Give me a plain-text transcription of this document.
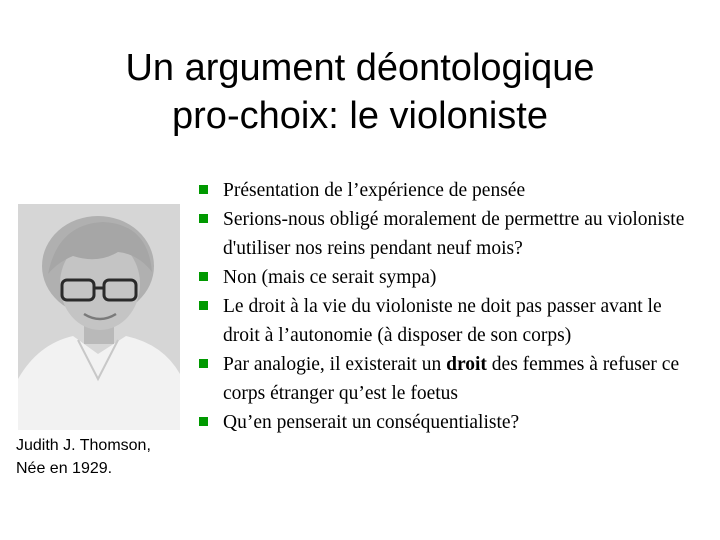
Un argument déontologique
pro-choix: le violoniste
Judith J. Thomson,
Née en 1929.
Présentation de l’expérience de pensée
Serions-nous obligé moralement de permettre au violoniste d'utiliser nos reins pendant neuf mois?
Non (mais ce serait sympa)
Le droit à la vie du violoniste ne doit pas passer avant le droit à l’autonomie (à disposer de son corps)
Par analogie, il existerait un droit des femmes à refuser ce corps étranger qu’est le foetus
Qu’en penserait un conséquentialiste?
